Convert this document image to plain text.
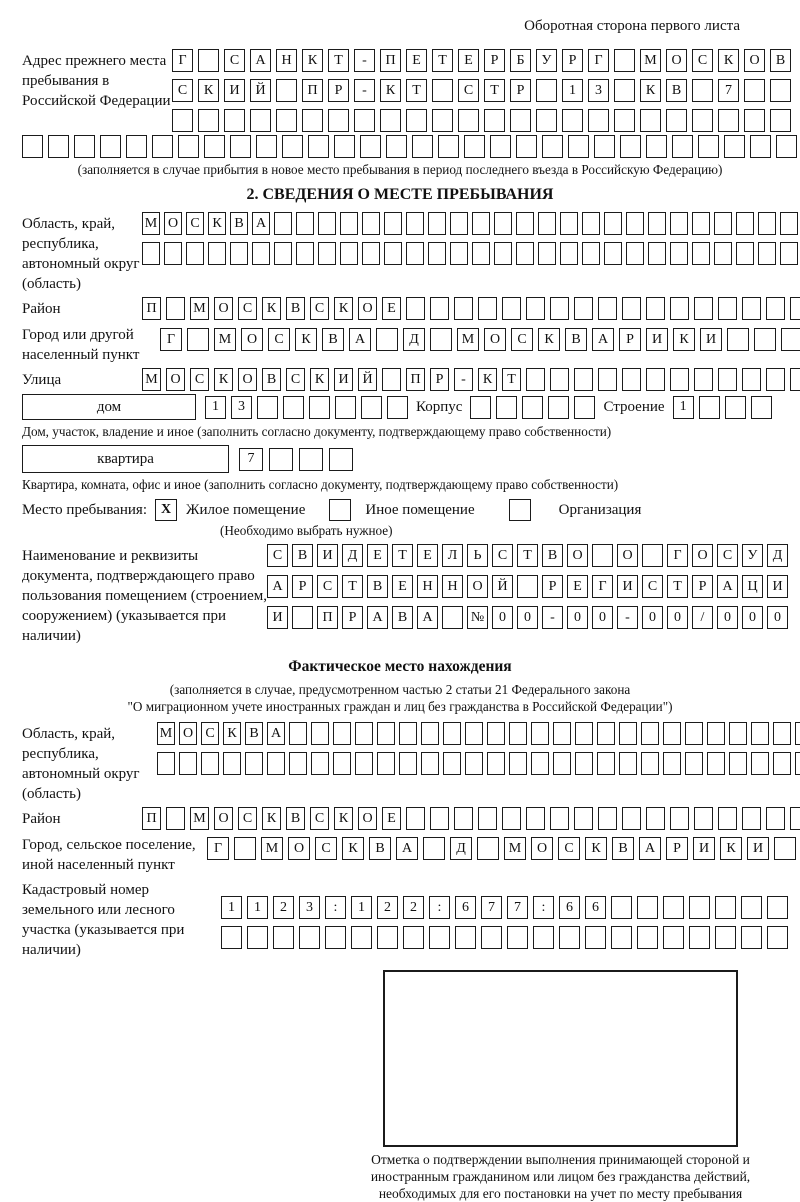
Оборотная сторона первого листа
Адрес прежнего места пребывания в Российской Федерации
Г	С	А	Н	К	Т	-	П	Е	Т	Е	Р	Б	У	Р	Г	М	О	С	К	О	В
С	К	И	Й	П	Р	-	К	Т	С	Т	Р	1	3	К	В	7
(заполняется в случае прибытия в новое место пребывания в период последнего въезда в Российскую Федерацию)
2. СВЕДЕНИЯ О МЕСТЕ ПРЕБЫВАНИЯ
Область, край, республика, автономный округ (область)
М О С К В А
Район	П	М О	С	К	В	С	К	О	Е
Город или другой населенный пункт
Г	М	О	С	К	В	А	Д	М	О	С	К	В	А	Р	И	К	И
Улица	М О	С	К	О	В	С	К	И Й	П	Р	-	К	Т
дом	1	3	Корпус	Строение	1
Дом, участок, владение и иное (заполнить согласно документу, подтверждающему право собственности)
квартира	7
Квартира, комната, офис и иное (заполнить согласно документу, подтверждающему право собственности)
Место пребывания: X Жилое помещение	Иное помещение	Организация
(Необходимо выбрать нужное)
Наименование и реквизиты документа, подтверждающего право пользования помещением (строением, сооружением) (указывается при наличии)
С	В	И	Д	Е	Т	Е	Л	Ь	С	Т	В	О	О	Г	О	С	У	Д
А	Р	С	Т	В	Е	Н	Н	О	Й	Р	Е	Г	И	С	Т	Р	А	Ц	И
И	П	Р	А	В	А	№	0	0	-	0	0	-	0	0	/	0	0	0
Фактическое место нахождения
(заполняется в случае, предусмотренном частью 2 статьи 21 Федерального закона
"О миграционном учете иностранных граждан и лиц без гражданства в Российской Федерации")
Область, край, республика, автономный округ (область)
М О С К В А
Район	П	М О	С	К	В	С	К	О	Е
Город, сельское поселение, иной населенный пункт
Г	М	О	С	К	В	А	Д	М	О	С	К	В	А	Р	И	К	И
Кадастровый номер земельного или лесного участка (указывается при наличии)
1	1	2	3	:	1	2	2	:	6	7	7	:	6	6
Отметка о подтверждении выполнения принимающей стороной и иностранным гражданином или лицом без гражданства действий, необходимых для его постановки на учет по месту пребывания
